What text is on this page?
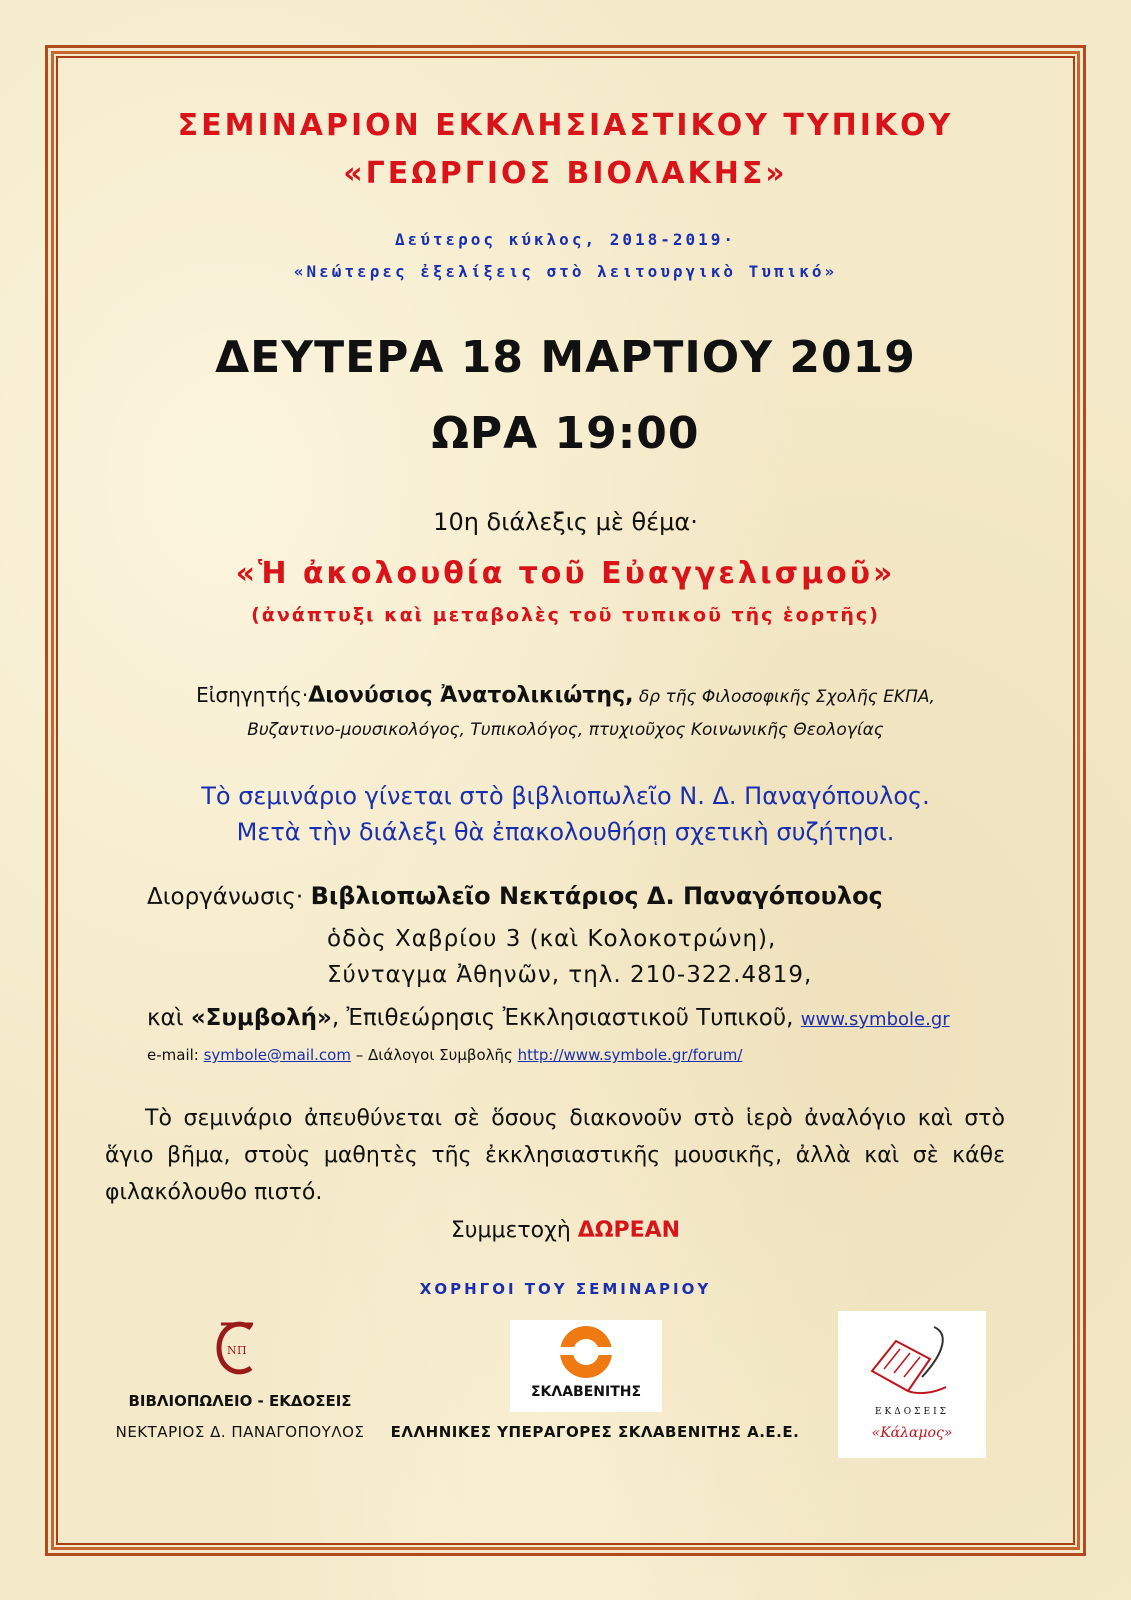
ΣΕΜΙΝΑΡΙΟΝ ΕΚΚΛΗΣΙΑΣΤΙΚΟΥ ΤΥΠΙΚΟΥ
«ΓΕΩΡΓΙΟΣ ΒΙΟΛΑΚΗΣ»
Δεύτερος κύκλος, 2018-2019·
«Νεώτερες ἐξελίξεις στὸ λειτουργικὸ Τυπικό»
ΔΕΥΤΕΡΑ 18 ΜΑΡΤΙΟΥ 2019
ΩΡΑ 19:00
10η διάλεξις μὲ θέμα·
«Ἡ ἀκολουθία τοῦ Εὐαγγελισμοῦ»
(ἀνάπτυξι καὶ μεταβολὲς τοῦ τυπικοῦ τῆς ἑορτῆς)
Εἰσηγητής·Διονύσιος Ἀνατολικιώτης, δρ τῆς Φιλοσοφικῆς Σχολῆς ΕΚΠΑ,
Βυζαντινο-μουσικολόγος, Τυπικολόγος, πτυχιοῦχος Κοινωνικῆς Θεολογίας
Τὸ σεμινάριο γίνεται στὸ βιβλιοπωλεῖο Ν. Δ. Παναγόπουλος.
Μετὰ τὴν διάλεξι θὰ ἐπακολουθήσῃ σχετικὴ συζήτησι.
Διοργάνωσις· Βιβλιοπωλεῖο Νεκτάριος Δ. Παναγόπουλος
ὁδὸς Χαβρίου 3 (καὶ Κολοκοτρώνη),
Σύνταγμα Ἀθηνῶν, τηλ. 210-322.4819,
καὶ «Συμβολή», Ἐπιθεώρησις Ἐκκλησιαστικοῦ Τυπικοῦ, www.symbole.gr
e-mail: symbole@mail.com – Διάλογοι Συμβολῆς http://www.symbole.gr/forum/
Τὸ σεμινάριο ἀπευθύνεται σὲ ὅσους διακονοῦν στὸ ἱερὸ ἀναλόγιο καὶ στὸ ἅγιο βῆμα, στοὺς μαθητὲς τῆς ἐκκλησιαστικῆς μουσικῆς, ἀλλὰ καὶ σὲ κάθε φιλακόλουθο πιστό.
Συμμετοχὴ ΔΩΡΕΑΝ
ΧΟΡΗΓΟΙ ΤΟΥ ΣΕΜΙΝΑΡΙΟΥ
Ν Π
ΒΙΒΛΙΟΠΩΛΕΙΟ - ΕΚΔΟΣΕΙΣ
ΝΕΚΤΑΡΙΟΣ Δ. ΠΑΝΑΓΟΠΟΥΛΟΣ
ΣΚΛΑΒΕΝΙΤΗΣ
ΕΛΛΗΝΙΚΕΣ ΥΠΕΡΑΓΟΡΕΣ ΣΚΛΑΒΕΝΙΤΗΣ Α.Ε.Ε.
ΕΚΔΟΣΕΙΣ
«Κάλαμος»
